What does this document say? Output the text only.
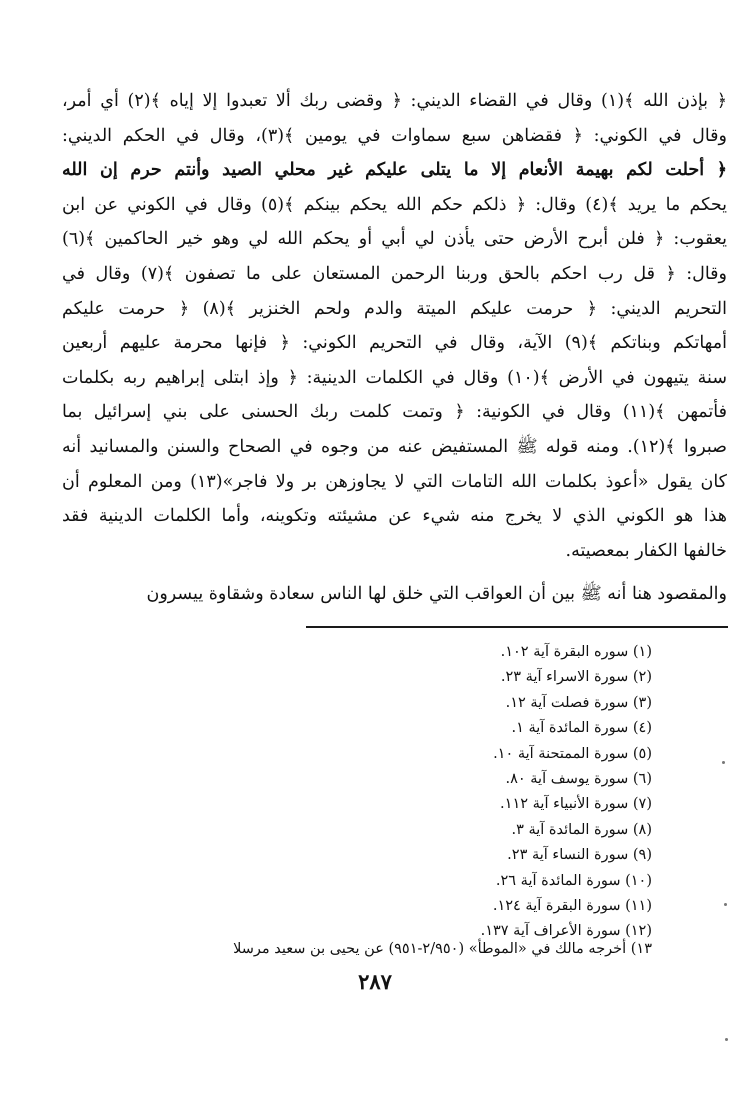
﴿ بإذن الله ﴾(١) وقال في القضاء الديني: ﴿ وقضى ربك ألا تعبدوا إلا إياه ﴾(٢) أي أمر،
وقال في الكوني: ﴿ فقضاهن سبع سماوات في يومين ﴾(٣)، وقال في الحكم الديني:
﴿ أحلت لكم بهيمة الأنعام إلا ما يتلى عليكم غير محلي الصيد وأنتم حرم إن الله
يحكم ما يريد ﴾(٤) وقال: ﴿ ذلكم حكم الله يحكم بينكم ﴾(٥) وقال في الكوني عن ابن
يعقوب: ﴿ فلن أبرح الأرض حتى يأذن لي أبي أو يحكم الله لي وهو خير الحاكمين ﴾(٦)
وقال: ﴿ قل رب احكم بالحق وربنا الرحمن المستعان على ما تصفون ﴾(٧) وقال في
التحريم الديني: ﴿ حرمت عليكم الميتة والدم ولحم الخنزير ﴾(٨) ﴿ حرمت عليكم
أمهاتكم وبناتكم ﴾(٩) الآية، وقال في التحريم الكوني: ﴿ فإنها محرمة عليهم أربعين
سنة يتيهون في الأرض ﴾(١٠) وقال في الكلمات الدينية: ﴿ وإذ ابتلى إبراهيم ربه بكلمات
فأتمهن ﴾(١١) وقال في الكونية: ﴿ وتمت كلمت ربك الحسنى على بني إسرائيل بما
صبروا ﴾(١٢). ومنه قوله ﷺ المستفيض عنه من وجوه في الصحاح والسنن والمسانيد أنه
كان يقول «أعوذ بكلمات الله التامات التي لا يجاوزهن بر ولا فاجر»(١٣) ومن المعلوم أن
هذا هو الكوني الذي لا يخرج منه شيء عن مشيئته وتكوينه، وأما الكلمات الدينية فقد
خالفها الكفار بمعصيته.
والمقصود هنا أنه ﷺ بين أن العواقب التي خلق لها الناس سعادة وشقاوة ييسرون
(١) سوره البقرة آية ١٠٢.
(٢) سورة الاسراء آية ٢٣.
(٣) سورة فصلت آية ١٢.
(٤) سورة المائدة آية ١.
(٥) سورة الممتحنة آية ١٠.
(٦) سورة يوسف آية ٨٠.
(٧) سورة الأنبياء آية ١١٢.
(٨) سورة المائدة آية ٣.
(٩) سورة النساء آية ٢٣.
(١٠) سورة المائدة آية ٢٦.
(١١) سورة البقرة آية ١٢٤.
(١٢) سورة الأعراف آية ١٣٧.
١٣) أخرجه مالك في «الموطأ» (٢/٩٥٠-٩٥١) عن يحيى بن سعيد مرسلا
٢٨٧
